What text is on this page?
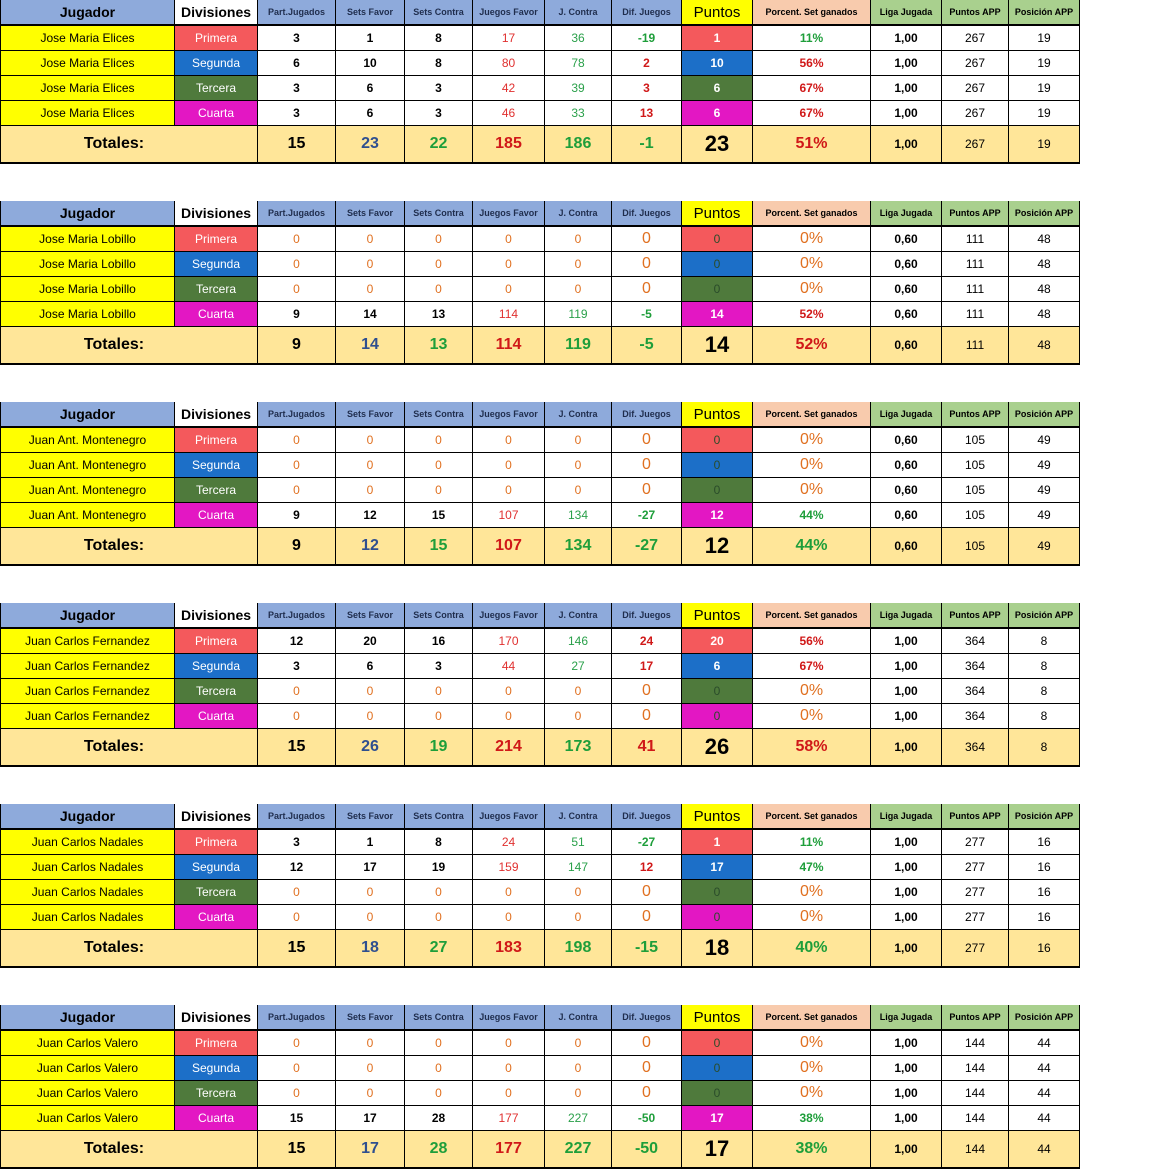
Jugador	Divisiones	Part.Jugados	Sets Favor	Sets Contra	Juegos Favor	J. Contra	Dif. Juegos	Puntos	Porcent. Set ganados	Liga Jugada	Puntos APP	Posición APP
Jose Maria Elices	Primera	3	1	8	17	36	-19	1	11%	1,00	267	19
Jose Maria Elices	Segunda	6	10	8	80	78	2	10	56%	1,00	267	19
Jose Maria Elices	Tercera	3	6	3	42	39	3	6	67%	1,00	267	19
Jose Maria Elices	Cuarta	3	6	3	46	33	13	6	67%	1,00	267	19
Totales:		15	23	22	185	186	-1	23	51%	1,00	267	19
Jugador	Divisiones	Part.Jugados	Sets Favor	Sets Contra	Juegos Favor	J. Contra	Dif. Juegos	Puntos	Porcent. Set ganados	Liga Jugada	Puntos APP	Posición APP
Jose Maria Lobillo	Primera	0	0	0	0	0	0	0	0%	0,60	111	48
Jose Maria Lobillo	Segunda	0	0	0	0	0	0	0	0%	0,60	111	48
Jose Maria Lobillo	Tercera	0	0	0	0	0	0	0	0%	0,60	111	48
Jose Maria Lobillo	Cuarta	9	14	13	114	119	-5	14	52%	0,60	111	48
Totales:		9	14	13	114	119	-5	14	52%	0,60	111	48
Jugador	Divisiones	Part.Jugados	Sets Favor	Sets Contra	Juegos Favor	J. Contra	Dif. Juegos	Puntos	Porcent. Set ganados	Liga Jugada	Puntos APP	Posición APP
Juan Ant. Montenegro	Primera	0	0	0	0	0	0	0	0%	0,60	105	49
Juan Ant. Montenegro	Segunda	0	0	0	0	0	0	0	0%	0,60	105	49
Juan Ant. Montenegro	Tercera	0	0	0	0	0	0	0	0%	0,60	105	49
Juan Ant. Montenegro	Cuarta	9	12	15	107	134	-27	12	44%	0,60	105	49
Totales:		9	12	15	107	134	-27	12	44%	0,60	105	49
Jugador	Divisiones	Part.Jugados	Sets Favor	Sets Contra	Juegos Favor	J. Contra	Dif. Juegos	Puntos	Porcent. Set ganados	Liga Jugada	Puntos APP	Posición APP
Juan Carlos Fernandez	Primera	12	20	16	170	146	24	20	56%	1,00	364	8
Juan Carlos Fernandez	Segunda	3	6	3	44	27	17	6	67%	1,00	364	8
Juan Carlos Fernandez	Tercera	0	0	0	0	0	0	0	0%	1,00	364	8
Juan Carlos Fernandez	Cuarta	0	0	0	0	0	0	0	0%	1,00	364	8
Totales:		15	26	19	214	173	41	26	58%	1,00	364	8
Jugador	Divisiones	Part.Jugados	Sets Favor	Sets Contra	Juegos Favor	J. Contra	Dif. Juegos	Puntos	Porcent. Set ganados	Liga Jugada	Puntos APP	Posición APP
Juan Carlos Nadales	Primera	3	1	8	24	51	-27	1	11%	1,00	277	16
Juan Carlos Nadales	Segunda	12	17	19	159	147	12	17	47%	1,00	277	16
Juan Carlos Nadales	Tercera	0	0	0	0	0	0	0	0%	1,00	277	16
Juan Carlos Nadales	Cuarta	0	0	0	0	0	0	0	0%	1,00	277	16
Totales:		15	18	27	183	198	-15	18	40%	1,00	277	16
Jugador	Divisiones	Part.Jugados	Sets Favor	Sets Contra	Juegos Favor	J. Contra	Dif. Juegos	Puntos	Porcent. Set ganados	Liga Jugada	Puntos APP	Posición APP
Juan Carlos Valero	Primera	0	0	0	0	0	0	0	0%	1,00	144	44
Juan Carlos Valero	Segunda	0	0	0	0	0	0	0	0%	1,00	144	44
Juan Carlos Valero	Tercera	0	0	0	0	0	0	0	0%	1,00	144	44
Juan Carlos Valero	Cuarta	15	17	28	177	227	-50	17	38%	1,00	144	44
Totales:		15	17	28	177	227	-50	17	38%	1,00	144	44
